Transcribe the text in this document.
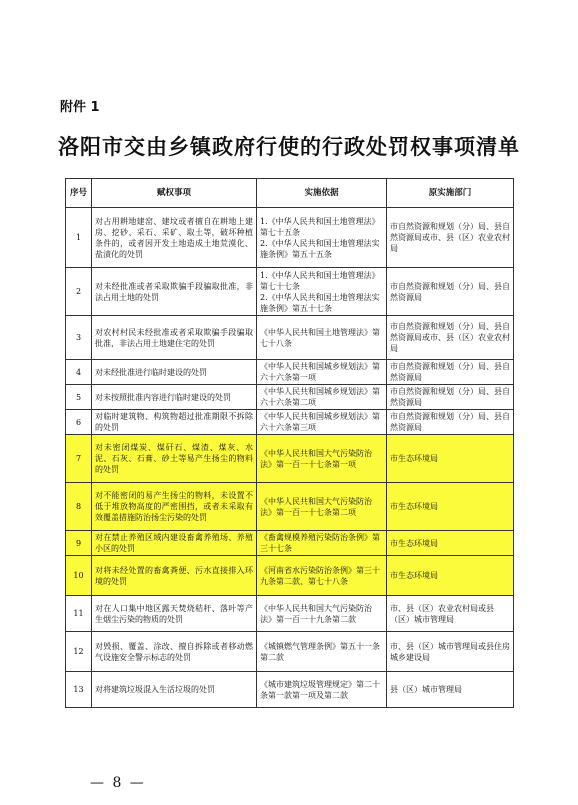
附件 1
洛阳市交由乡镇政府行使的行政处罚权事项清单
序号	赋权事项	实施依据	原实施部门
1	对占用耕地建窑、建坟或者擅自在耕地上建房、挖砂、采石、采矿、取土等，破坏种植条件的，或者因开发土地造成土地荒漠化、盐渍化的处罚	1.《中华人民共和国土地管理法》第七十五条
2.《中华人民共和国土地管理法实施条例》第五十五条	市自然资源和规划（分）局、县自然资源局或市、县（区）农业农村局
2	对未经批准或者采取欺骗手段骗取批准，非法占用土地的处罚	1.《中华人民共和国土地管理法》第七十七条
2.《中华人民共和国土地管理法实施条例》第五十七条	市自然资源和规划（分）局、县自然资源局
3	对农村村民未经批准或者采取欺骗手段骗取批准，非法占用土地建住宅的处罚	《中华人民共和国土地管理法》第七十八条	市自然资源和规划（分）局、县自然资源局或市、县（区）农业农村局
4	对未经批准进行临时建设的处罚	《中华人民共和国城乡规划法》第六十六条第一项	市自然资源和规划（分）局、县自然资源局
5	对未按照批准内容进行临时建设的处罚	《中华人民共和国城乡规划法》第六十六条第二项	市自然资源和规划（分）局、县自然资源局
6	对临时建筑物、构筑物超过批准期限不拆除的处罚	《中华人民共和国城乡规划法》第六十六条第三项	市自然资源和规划（分）局、县自然资源局
7	对未密闭煤炭、煤矸石、煤渣、煤灰、水泥、石灰、石膏、砂土等易产生扬尘的物料的处罚	《中华人民共和国大气污染防治法》第一百一十七条第一项	市生态环境局
8	对不能密闭的易产生扬尘的物料，未设置不低于堆放物高度的严密围挡，或者未采取有效覆盖措施防治扬尘污染的处罚	《中华人民共和国大气污染防治法》第一百一十七条第二项	市生态环境局
9	对在禁止养殖区域内建设畜禽养殖场、养殖小区的处罚	《畜禽规模养殖污染防治条例》第三十七条	市生态环境局
10	对将未经处置的畜禽粪便、污水直接排入环境的处罚	《河南省水污染防治条例》第三十九条第二款、第七十八条	市生态环境局
11	对在人口集中地区露天焚烧秸秆、落叶等产生烟尘污染的物质的处罚	《中华人民共和国大气污染防治法》第一百一十九条第二款	市、县（区）农业农村局或县（区）城市管理局
12	对毁损、覆盖、涂改、擅自拆除或者移动燃气设施安全警示标志的处罚	《城镇燃气管理条例》第五十一条第二款	市、县（区）城市管理局或县住房城乡建设局
13	对将建筑垃圾混入生活垃圾的处罚	《城市建筑垃圾管理规定》第二十条第一款第一项及第二款	县（区）城市管理局
— 8 —
